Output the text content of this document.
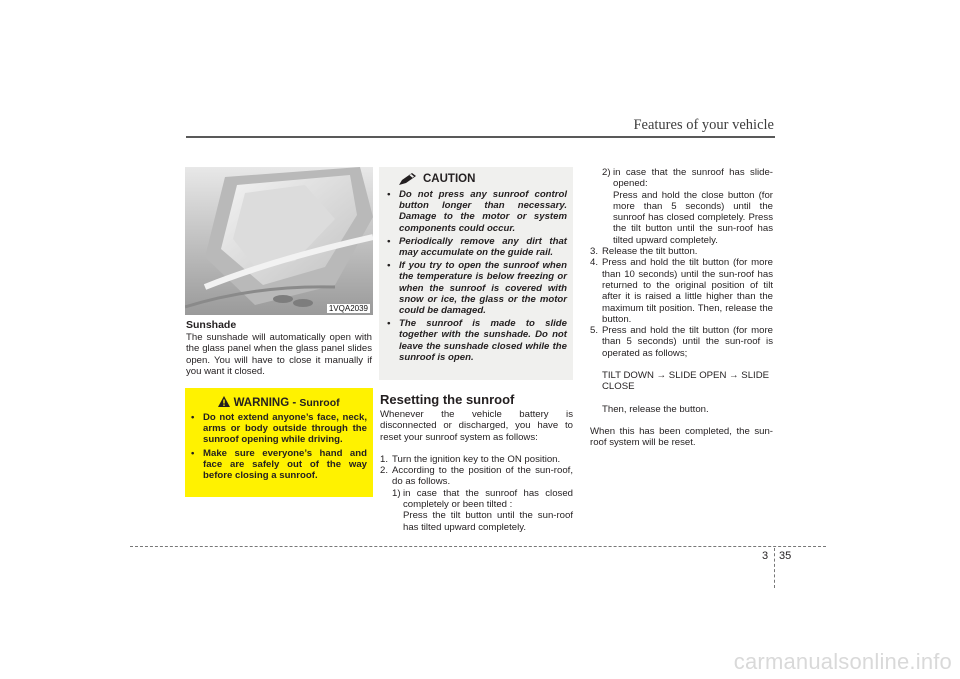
Features of your vehicle
1VQA2039
Sunshade
The sunshade will automatically open with the glass panel when the glass panel slides open. You will have to close it manually if you want it closed.
WARNING - Sunroof
• Do not extend anyone’s face, neck, arms or body outside through the sunroof opening while driving.
• Make sure everyone’s hand and face are safely out of the way before closing a sunroof.
CAUTION
• Do not press any sunroof control button longer than necessary. Damage to the motor or system components could occur.
• Periodically remove any dirt that may accumulate on the guide rail.
• If you try to open the sunroof when the temperature is below freezing or when the sunroof is covered with snow or ice, the glass or the motor could be damaged.
• The sunroof is made to slide together with the sunshade. Do not leave the sunshade closed while the sunroof is open.
Resetting the sunroof
Whenever the vehicle battery is disconnected or discharged, you have to reset your sunroof system as follows:
1. Turn the ignition key to the ON position.
2. According to the position of the sun-roof, do as follows.
1) in case that the sunroof has closed completely or been tilted :
Press the tilt button until the sun-roof has tilted upward completely.
2) in case that the sunroof has slide-opened:
Press and hold the close button (for more than 5 seconds) until the sunroof has closed completely. Press the tilt button until the sun-roof has tilted upward completely.
3. Release the tilt button.
4. Press and hold the tilt button (for more than 10 seconds) until the sun-roof has returned to the original position of tilt after it is raised a little higher than the maximum tilt position. Then, release the button.
5. Press and hold the tilt button (for more than 5 seconds) until the sun-roof is operated as follows;
TILT DOWN → SLIDE OPEN → SLIDE CLOSE
Then, release the button.
When this has been completed, the sun-roof system will be reset.
3 35
carmanualsonline.info
